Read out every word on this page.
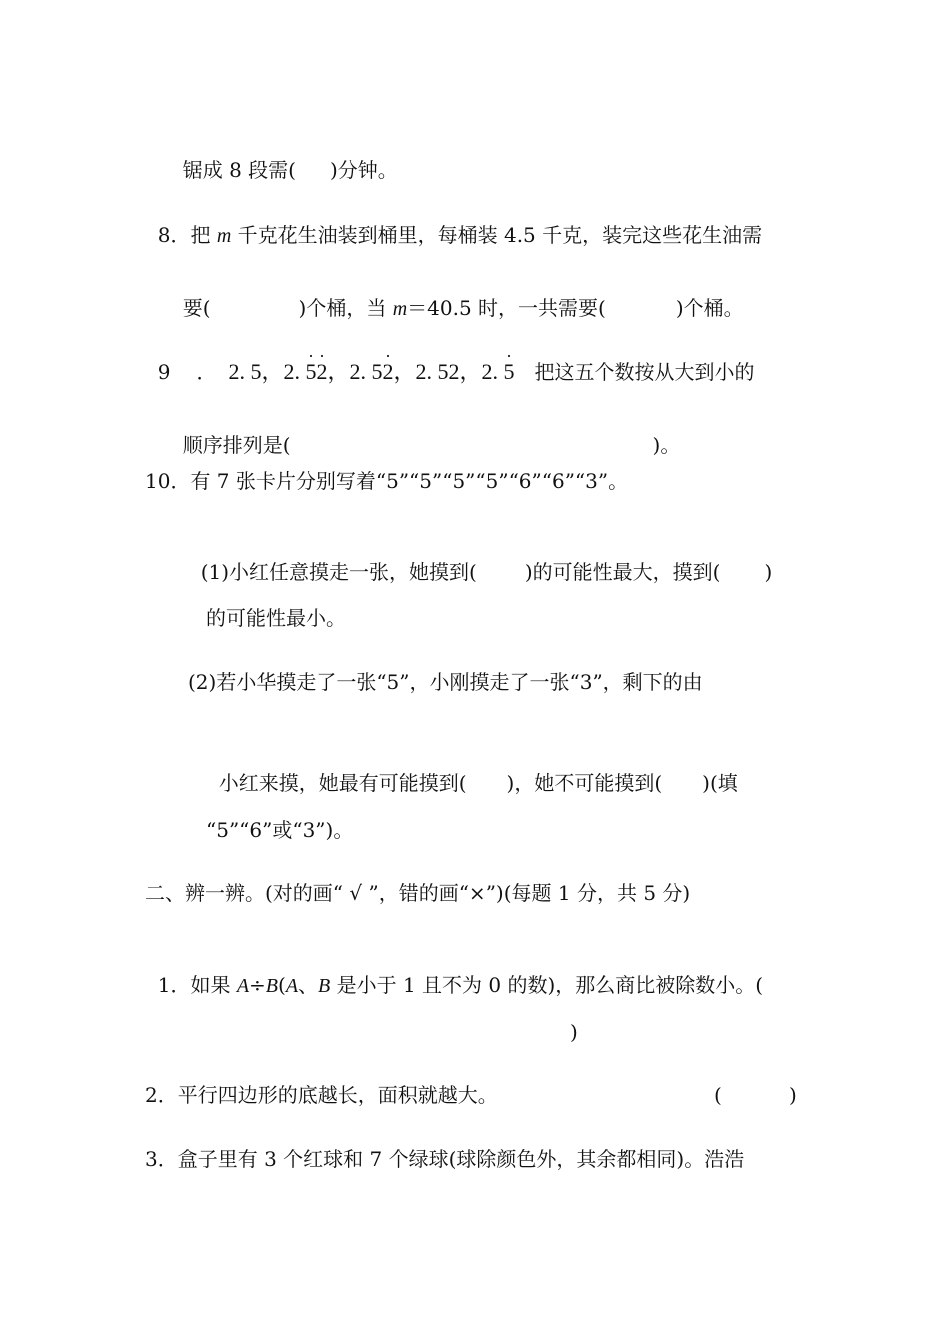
锯成 8 段需( )分钟。

8．把 m 千克花生油装到桶里，每桶装 4.5 千克，装完这些花生油需

要(	)个桶，当 m＝40.5 时，一共需要(	)个桶。

9 ． 2. 5，2. 5 ·2 ·，2. 52 ·，2. 52，2. 5 · 把这五个数按从大到小的

顺序排列是(	)。

10．有 7 张卡片分别写着“5”“5”“5”“5”“6”“6”“3”。

(1)小红任意摸走一张，她摸到( )的可能性最大，摸到( )

的可能性最小。
(2)若小华摸走了一张“5”，小刚摸走了一张“3”，剩下的由

小红来摸，她最有可能摸到( )，她不可能摸到( )(填

“5”“6”或“3”)。
二、辨一辨。(对的画“ √ ”，错的画“×”)(每题 1 分，共 5 分)

1．如果 A÷B(A、B 是小于 1 且不为 0 的数)，那么商比被除数小。(

)
2．平行四边形的底越长，面积就越大。	(	)
3．盒子里有 3 个红球和 7 个绿球(球除颜色外，其余都相同)。浩浩
